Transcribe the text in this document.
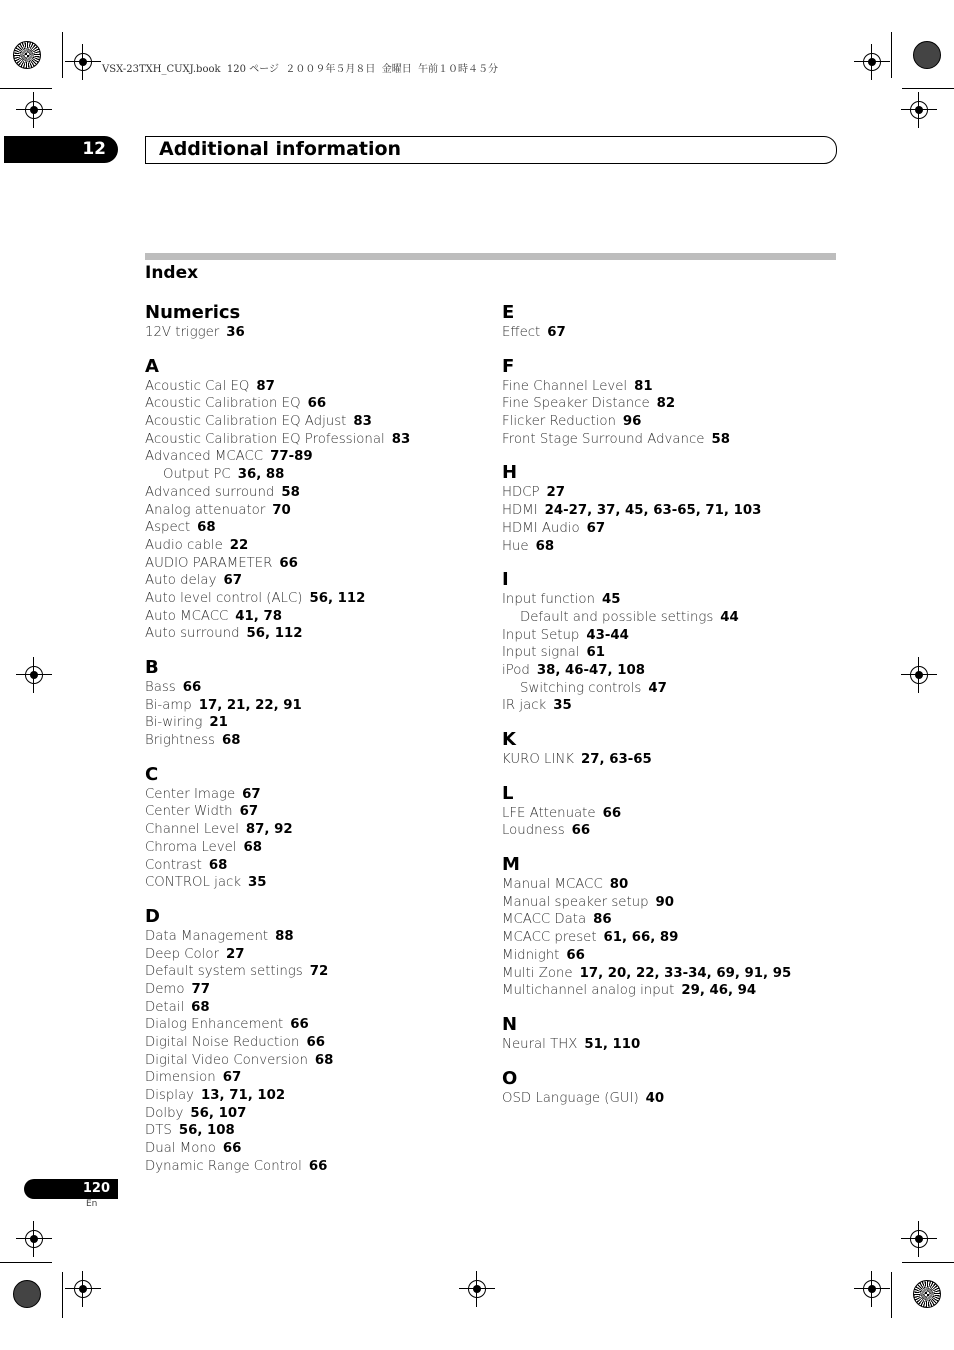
VSX-23TXH_CUXJ.book  120 ページ  ２００９年５月８日  金曜日  午前１０時４５分
12	Additional information
Index
Numerics
12V trigger 36
A
Acoustic Cal EQ 87
Acoustic Calibration EQ 66
Acoustic Calibration EQ Adjust 83
Acoustic Calibration EQ Professional 83
Advanced MCACC 77-89
Output PC 36, 88
Advanced surround 58
Analog attenuator 70
Aspect 68
Audio cable 22
AUDIO PARAMETER 66
Auto delay 67
Auto level control (ALC) 56, 112
Auto MCACC 41, 78
Auto surround 56, 112
B
Bass 66
Bi-amp 17, 21, 22, 91
Bi-wiring 21
Brightness 68
C
Center Image 67
Center Width 67
Channel Level 87, 92
Chroma Level 68
Contrast 68
CONTROL jack 35
D
Data Management 88
Deep Color 27
Default system settings 72
Demo 77
Detail 68
Dialog Enhancement 66
Digital Noise Reduction 66
Digital Video Conversion 68
Dimension 67
Display 13, 71, 102
Dolby 56, 107
DTS 56, 108
Dual Mono 66
Dynamic Range Control 66
E
Effect 67
F
Fine Channel Level 81
Fine Speaker Distance 82
Flicker Reduction 96
Front Stage Surround Advance 58
H
HDCP 27
HDMI 24-27, 37, 45, 63-65, 71, 103
HDMI Audio 67
Hue 68
I
Input function 45
Default and possible settings 44
Input Setup 43-44
Input signal 61
iPod 38, 46-47, 108
Switching controls 47
IR jack 35
K
KURO LINK 27, 63-65
L
LFE Attenuate 66
Loudness 66
M
Manual MCACC 80
Manual speaker setup 90
MCACC Data 86
MCACC preset 61, 66, 89
Midnight 66
Multi Zone 17, 20, 22, 33-34, 69, 91, 95
Multichannel analog input 29, 46, 94
N
Neural THX 51, 110
O
OSD Language (GUI) 40
120
En
